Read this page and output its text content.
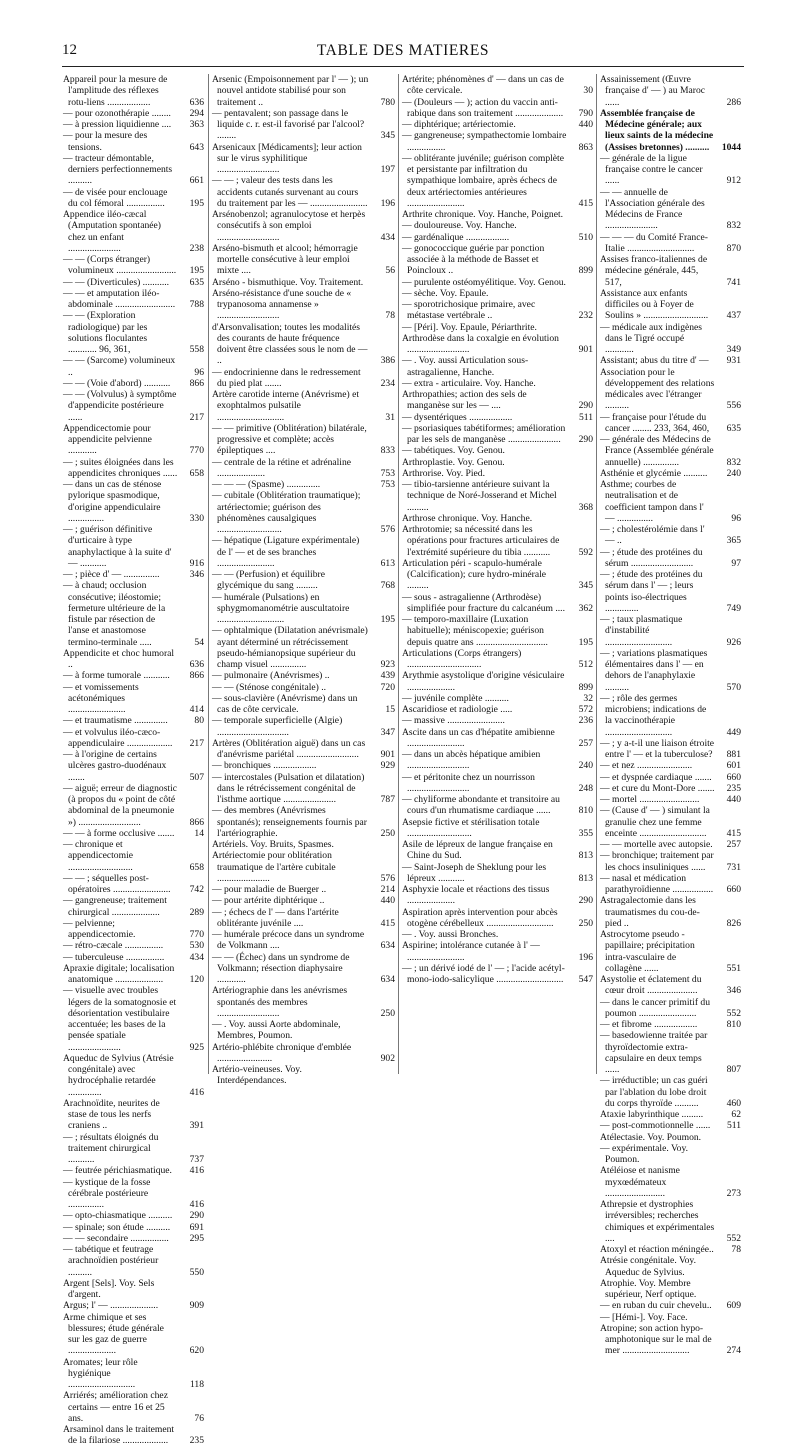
12	TABLE DES MATIERES
Appareil pour la mesure de l'amplitude des réflexes rotu-liens ..................	636
— pour ozonothérapie ........ 294
— à pression liquidienne .... 363
— pour la mesure des tensions.	643
— tracteur démontable, derniers perfectionnements ..........	661
— de visée pour enclouage du col fémoral ................	195
Appendice iléo-cæcal (Amputation spontanée) chez un enfant ......................	238
— — (Corps étranger) volumineux ......................... 195
— — (Diverticules) ........... 635
— — et amputation iléo-abdominale ......................... 788
— — (Exploration radiologique) par les solutions floculantes ............ 96, 361,	558
— — (Sarcome) volumineux ..	96
— — (Voie d'abord) ........... 866
— — (Volvulus) à symptôme d'appendicite postérieure ......	217
Appendicectomie pour appendicite pelvienne ............	770
— ; suites éloignées dans les appendicites chroniques ...... 658
— dans un cas de sténose pylorique spasmodique, d'origine appendiculaire ...............	330
— ; guérison définitive d'urticaire à type anaphylactique à la suite d' — ...........	916
— ; pièce d' — ...............	346
— à chaud; occlusion consécutive; iléostomie; fermeture ultérieure de la fistule par résection de l'anse et anastomose termino-terminale .....	54
Appendicite et choc humoral ..	636
— à forme tumorale ........... 866
— et vomissements acétonémiques ........................	414
— et traumatisme ..............	80
— et volvulus iléo-cæco-appendiculaire ................... 217
— à l'origine de certains ulcères gastro-duodénaux .......	507
— aiguë; erreur de diagnostic (à propos du « point de côté abdominal de la pneumonie ») ..........................	866
— — à forme occlusive ....... 14
— chronique et appendicectomie ...........................	658
— — ; séquelles post-opératoires ........................ 742
— gangreneuse; traitement chirurgical ....................	289
— pelvienne; appendicectomie.	770
— rétro-cæcale ................	530
— tuberculeuse ................	434
Apraxie digitale; localisation anatomique ....................	120
— visuelle avec troubles légers de la somatognosie et désorientation vestibulaire accentuée; les bases de la pensée spatiale ......................	925
Aqueduc de Sylvius (Atrésie congénitale) avec hydrocéphalie retardée ..............	416
Arachnoïdite, neurites de stase de tous les nerfs craniens ..	391
— ; résultats éloignés du traitement chirurgical ...........	737
— feutrée périchiasmatique. 416
— kystique de la fosse cérébrale postérieure ...............	416
— opto-chiasmatique .......... 290
— spinale; son étude .......... 691
— — secondaire ................ 295
— tabétique et feutrage arachnoïdien postérieur ..........	550
Argent [Sels]. Voy. Sels d'argent.
Argus; l' — ....................	909
Arme chimique et ses blessures; étude générale sur les gaz de guerre ....................	620
Aromates; leur rôle hygiénique ............................	118
Arriérés; amélioration chez certains — entre 16 et 25 ans.	76
Arsaminol dans le traitement de la filariose ................... 235
Arsenic (Empoisonnement par l' — ); un nouvel antidote stabilisé pour son traitement ..	780
— pentavalent; son passage dans le liquide c. r. est-il favorisé par l'alcool? ........	345
Arsenicaux [Médicaments]; leur action sur le virus syphilitique ..........................	197
— — ; valeur des tests dans les accidents cutanés survenant au cours du traitement par les — ........................ 196
Arsénobenzol; agranulocytose et herpès consécutifs à son emploi ..........................	434
Arséno-bismuth et alcool; hémorragie mortelle consécutive à leur emploi mixte ....	56
Arséno - bismuthique. Voy. Traitement.
Arséno-résistance d'une souche de « trypanosoma annamense » ..........................	78
d'Arsonvalisation; toutes les modalités des courants de haute fréquence doivent être classées sous le nom de — ..	386
— endocrinienne dans le redressement du pied plat .......	234
Artère carotide interne (Anévrisme) et exophtalmos pulsatile ............................	31
— — primitive (Oblitération) bilatérale, progressive et complète; accès épileptiques ....	833
— centrale de la rétine et adrénaline ....................	753
— — — (Spasme) ..............	753
— cubitale (Oblitération traumatique); artériectomie; guérison des phénomènes causalgiques ...........................	576
— hépatique (Ligature expérimentale) de l' — et de ses branches ........................	613
— — (Perfusion) et équilibre glycémique du sang .........	768
— humérale (Pulsations) en sphygmomanométrie auscultatoire ............................	195
— ophtalmique (Dilatation anévrismale) ayant déterminé un rétrécissement pseudo-hémianopsique supérieur du champ visuel ...............	923
— pulmonaire (Anévrismes) ..	439
— — (Sténose congénitale) ..	720
— sous-clavière (Anévrisme) dans un cas de côte cervicale.	15
— temporale superficielle (Algie) ..............................	347
Artères (Oblitération aiguë) dans un cas d'anévrisme pariétal .......................... 901
— bronchiques ..................	929
— intercostales (Pulsation et dilatation) dans le rétrécissement congénital de l'isthme aortique ......................	787
— des membres (Anévrismes spontanés); renseignements fournis par l'artériographie.	250
Artériels. Voy. Bruits, Spasmes.
Artériectomie pour oblitération traumatique de l'artère cubitale ......................	576
— pour maladie de Buerger ..	214
— pour artérite diphtérique ..	440
— ; échecs de l' — dans l'artérite oblitérante juvénile ....	415
— humérale précoce dans un syndrome de Volkmann ....	634
— — (Échec) dans un syndrome de Volkmann; résection diaphysaire ............	634
Artériographie dans les anévrismes spontanés des membres ..........................	250
— . Voy. aussi Aorte abdominale, Membres, Poumon.
Artério-phlébite chronique d'emblée .......................	902
Artério-veineuses. Voy. Interdépendances.
Artérite; phénomènes d' — dans un cas de côte cervicale.	30
— (Douleurs — ); action du vaccin anti-rabique dans son traitement .................... 790
— diphtérique; artériectomie.	440
— gangreneuse; sympathectomie lombaire ................	863
— oblitérante juvénile; guérison complète et persistante par infiltration du sympathique lombaire, après échecs de deux artériectomies antérieures ........................	415
Arthrite chronique. Voy. Hanche, Poignet.
— douloureuse. Voy. Hanche.
— gardénalique ..................	510
— gonococcique guérie par ponction associée à la méthode de Basset et Poincloux ..	899
— purulente ostéomyélitique. Voy. Genou.
— sèche. Voy. Epaule.
— sporotrichosique primaire, avec métastase vertébrale ..	232
— [Péri]. Voy. Epaule, Périarthrite.
Arthrodèse dans la coxalgie en évolution ..........................	901
— . Voy. aussi Articulation sous-astragalienne, Hanche.
— extra - articulaire. Voy. Hanche.
Arthropathies; action des sels de manganèse sur les — ....	290
— dysentériques ..................	511
— psoriasiques tabétiformes; amélioration par les sels de manganèse ...................... 290
— tabétiques. Voy. Genou.
Arthroplastie. Voy. Genou.
Arthrorise. Voy. Pied.
— tibio-tarsienne antérieure suivant la technique de Noré-Josserand et Michel .........	368
Arthrose chronique. Voy. Hanche.
Arthrotomie; sa nécessité dans les opérations pour fractures articulaires de l'extrémité supérieure du tibia ...........	592
Articulation péri - scapulo-humérale (Calcification); cure hydro-minérale .........	345
— sous - astragalienne (Arthrodèse) simplifiée pour fracture du calcanéum .... 362
— temporo-maxillaire (Luxation habituelle); méniscopexie; guérison depuis quatre ans ..............................	195
Articulations (Corps étrangers) ...............................	512
Arythmie asystolique d'origine vésiculaire ....................	899
— juvénile complète ..........	32
Ascaridiose et radiologie .....	572
— massive ........................	236
Ascite dans un cas d'hépatite amibienne ........................	257
— dans un abcès hépatique amibien ..........................	240
— et péritonite chez un nourrisson ..........................	248
— chyliforme abondante et transitoire au cours d'un rhumatisme cardiaque ......	810
Asepsie fictive et stérilisation totale ...........................	355
Asile de lépreux de langue française en Chine du Sud.	813
— Saint-Joseph de Sheklung pour les lépreux ...........	813
Asphyxie locale et réactions des tissus ....................	290
Aspiration après intervention pour abcès otogène cérébelleux ............................	250
— . Voy. aussi Bronches.
Aspirine; intolérance cutanée à l' — ........................	196
— ; un dérivé iodé de l' — ; l'acide acétyl-mono-iodo-salicylique ............................ 547
Assainissement (Œuvre française d' — ) au Maroc ......	286
Assemblée française de Médecine générale; aux lieux saints de la médecine (Assises bretonnes) .......... 1044
— générale de la ligue française contre le cancer ......	912
— — annuelle de l'Association générale des Médecins de France ......................	832
— — — du Comité France-Italie ............................	870
Assises franco-italiennes de médecine générale, 445, 517,	741
Assistance aux enfants difficiles ou à Foyer de Soulins » ........................... 437
— médicale aux indigènes dans le Tigré occupé ............	349
Assistant; abus du titre d' — 931
Association pour le développement des relations médicales avec l'étranger ..........	556
— française pour l'étude du cancer ........ 233, 364, 460, 635
— générale des Médecins de France (Assemblée générale annuelle) ...............	832
Asthénie et glycémie .......... 240
Asthme; courbes de neutralisation et de coefficient tampon dans l' — ...............	96
— ; cholestérolémie dans l' — ..	365
— ; étude des protéines du sérum ..........................	97
— ; étude des protéines du sérum dans l' — ; leurs points iso-électriques ..............	749
— ; taux plasmatique d'instabilité ............................	926
— ; variations plasmatiques élémentaires dans l' — en dehors de l'anaphylaxie ..........	570
— ; rôle des germes microbiens; indications de la vaccinothérapie ............................	449
— ; y a-t-il une liaison étroite entre l' — et la tuberculose? 881
— et nez .......................	601
— et dyspnée cardiaque ....... 660
— et cure du Mont-Dore ....... 235
— mortel .........................	440
— (Cause d' — ) simulant la granulie chez une femme enceinte ............................ 415
— — mortelle avec autopsie. 257
— bronchique; traitement par les chocs insuliniques ...... 731
— nasal et médication parathyroïdienne ................. 660
Astragalectomie dans les traumatismes du cou-de-pied ..	826
Astrocytome pseudo - papillaire; précipitation intra-vasculaire de collagène ......	551
Asystolie et éclatement du cœur droit .....................	346
— dans le cancer primitif du poumon ........................	552
— et fibrome ..................	810
— basedowienne traitée par thyroïdectomie extra-capsulaire en deux temps ......	807
— irréductible; un cas guéri par l'ablation du lobe droit du corps thyroïde ..........	460
Ataxie labyrinthique .........	62
— post-commotionnelle ...... 511
Atélectasie. Voy. Poumon.
— expérimentale. Voy. Poumon.
Atéléiose et nanisme myxœdémateux .........................	273
Athrepsie et dystrophies irréversibles; recherches chimiques et expérimentales ....	552
Atoxyl et réaction méningée.. 78
Atrésie congénitale. Voy. Aqueduc de Sylvius.
Atrophie. Voy. Membre supérieur, Nerf optique.
— en ruban du cuir chevelu.. 609
— [Hémi-]. Voy. Face.
Atropine; son action hypo-amphotonique sur le mal de mer ............................	274
